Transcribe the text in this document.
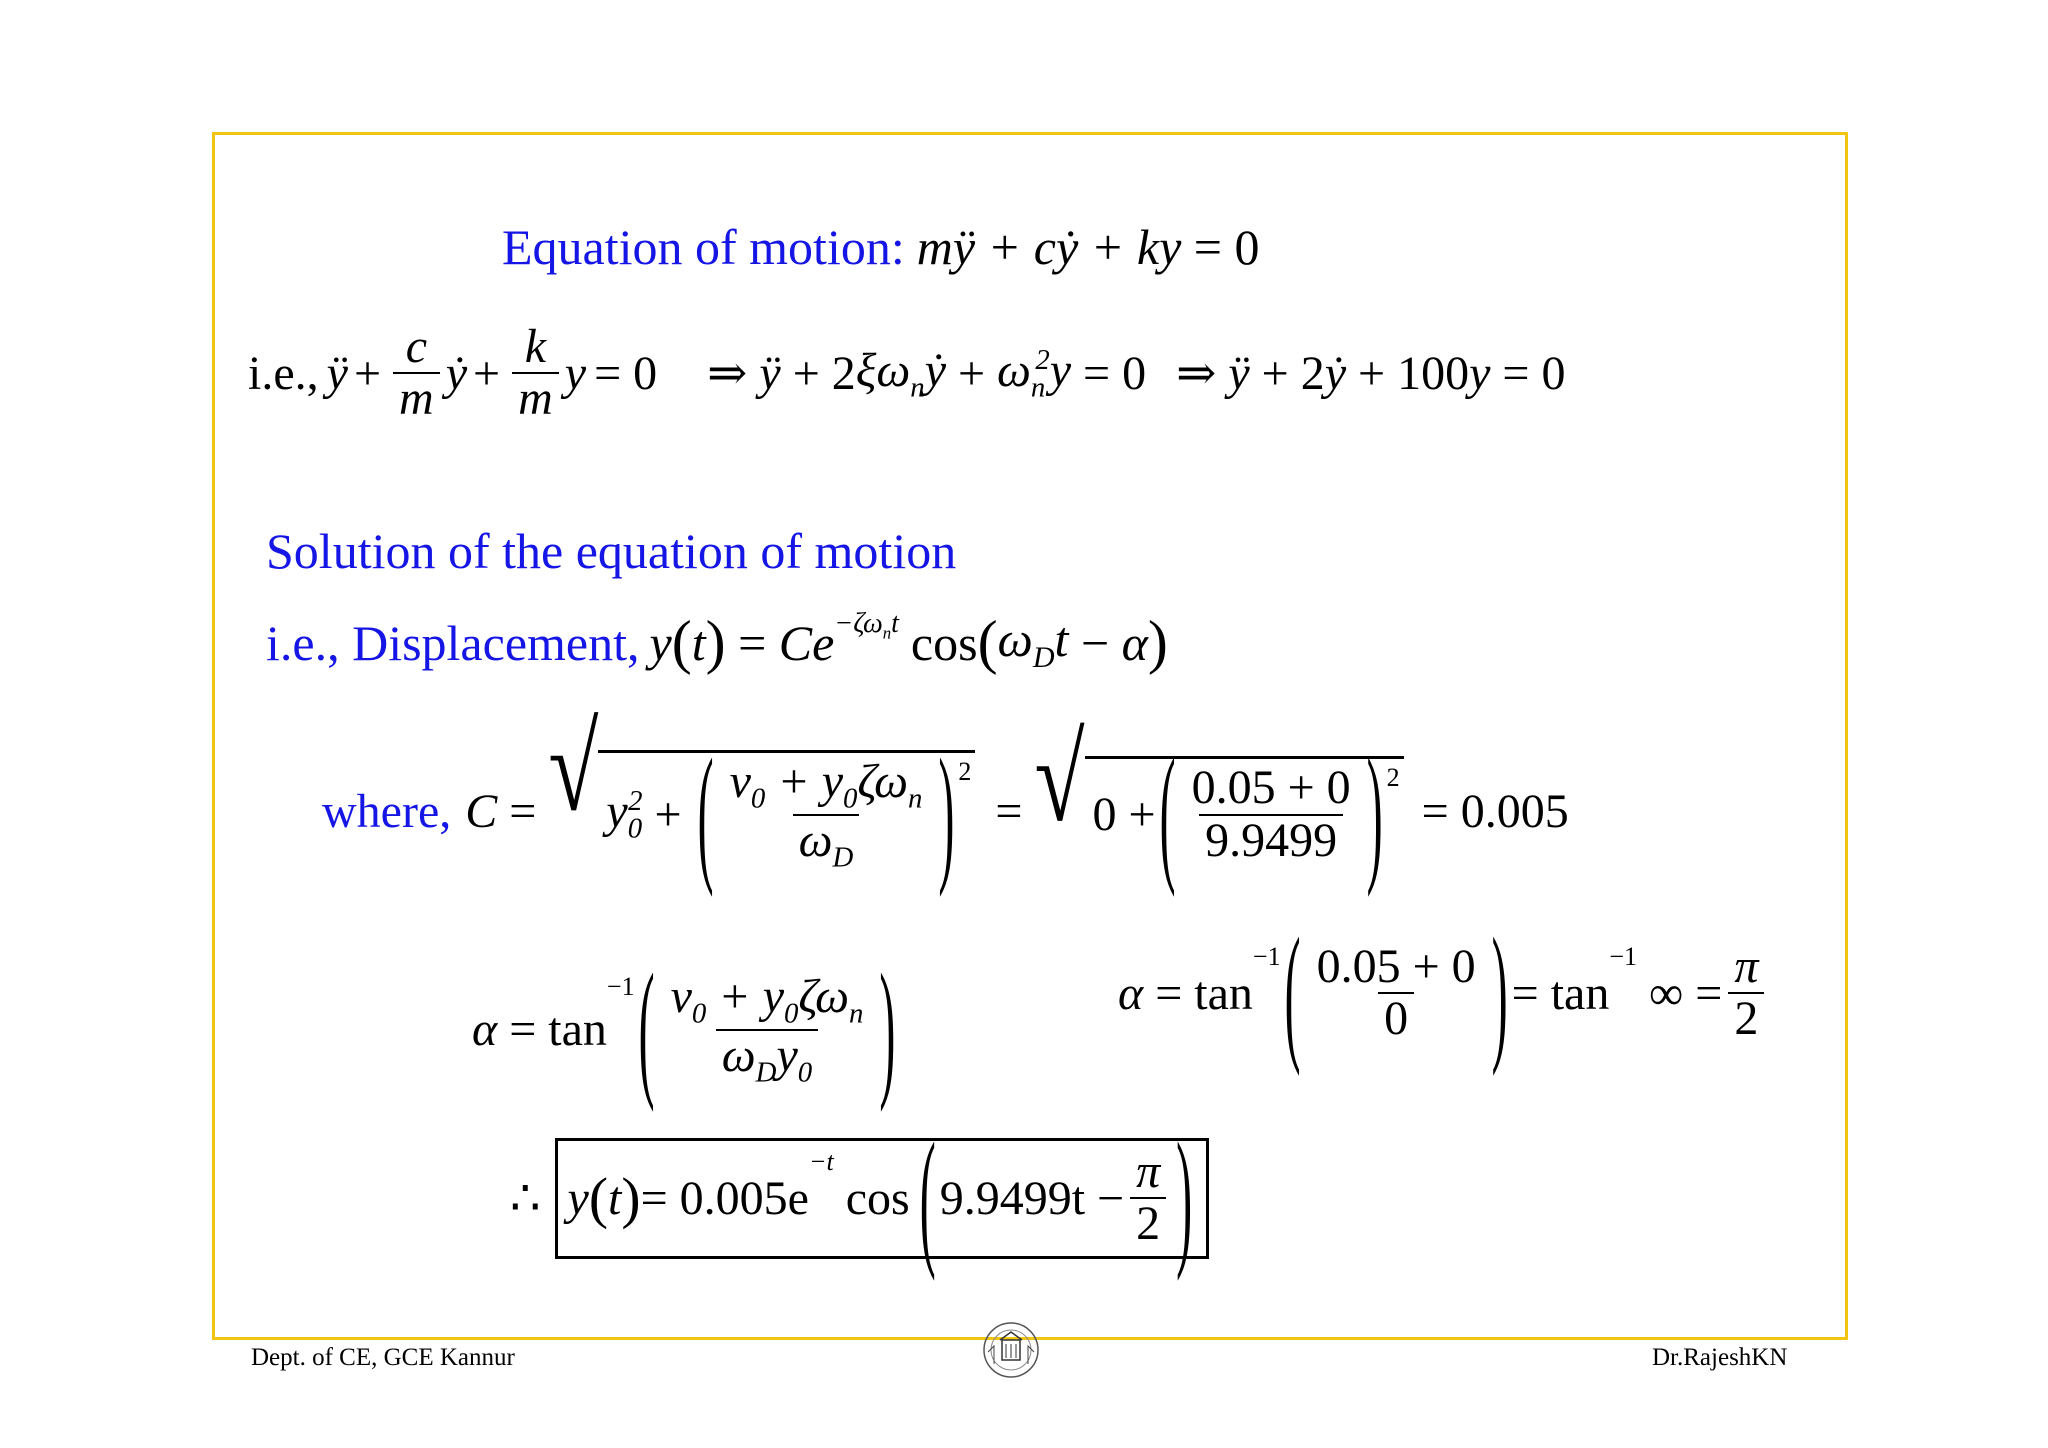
Equation of motion: mÿ + cẏ + ky = 0
i.e., ÿ + $\frac{c}{m}$ ẏ + $\frac{k}{m}$ y = 0 ⇒ ÿ + 2 $\xi\omega_nẏ + \omega_n^2y = 0$ ⇒ ÿ + 2 ẏ + 100 y = 0
Solution of the equation of motion
i.e., Displacement, y ( t ) = $Ce^{-\zeta\omega_nt}$ cos ( $\omega_Dt - \alpha$ )
where, C = √ $y_0^2$ + ( $\frac{v_0 + y_0\zeta\omega_n}{\omega_D} )^2$
= √ 0 + ( $\frac{0.05 + 0}{9.9499} )^2$
= 0.005
α = tan
−1 ( $\frac{v_0 + y_0\zeta\omega_n}{\omega_Dy_0}$ )	α = tan
$^{-1}$ ( $\frac{0.05 + 0}{0}$ ) = tan
$^{-1}$
∞ = $\frac{\pi}{2}$
∴ y ( t ) = 0.005e
$^{-t}$
cos ( $9.9499t - \frac{\pi}{2}$ )
Dept. of CE, GCE Kannur	Dr.RajeshKN
